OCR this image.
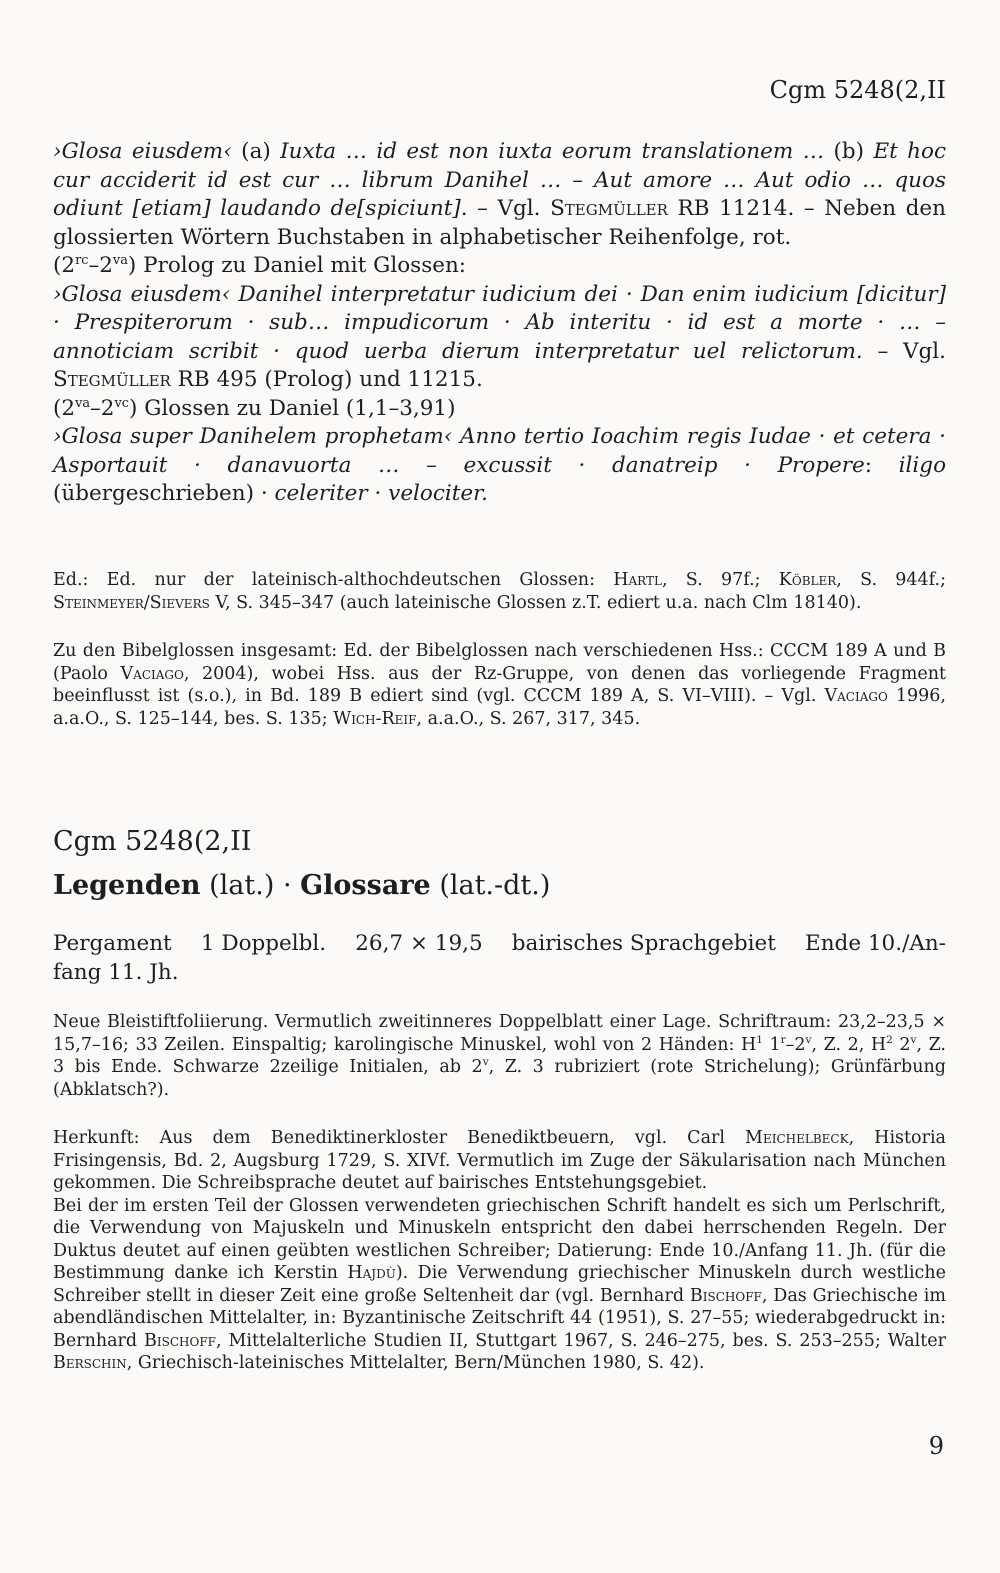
Cgm 5248(2,II

›Glosa eiusdem‹ (a) Iuxta … id est non iuxta eorum translationem … (b) Et hoc cur acciderit id est cur … librum Danihel … – Aut amore … Aut odio … quos odiunt [etiam] laudando de[spiciunt]. – Vgl. Stegmüller RB 11214. – Neben den glossierten Wörtern Buchstaben in alphabetischer Reihenfolge, rot.

$(2^{rc}-2^{va})$ Prolog zu Daniel mit Glossen:

›Glosa eiusdem‹ Danihel interpretatur iudicium dei · Dan enim iudicium [dicitur] · Prespiterorum · sub… impudicorum · Ab interitu · id est a morte · … – annoticiam scribit · quod uerba dierum interpretatur uel relictorum. – Vgl. Stegmüller RB 495 (Prolog) und 11215.

$(2^{va}-2^{vc})$ Glossen zu Daniel (1,1–3,91)

›Glosa super Danihelem prophetam‹ Anno tertio Ioachim regis Iudae · et cetera · Asportauit · danavuorta … – excussit · danatreip · Propere: iligo (übergeschrieben) · celeriter · velociter.

Ed.: Ed. nur der lateinisch-althochdeutschen Glossen: Hartl, S. 97f.; Köbler, S. 944f.; Steinmeyer/Sievers V, S. 345–347 (auch lateinische Glossen z.T. ediert u.a. nach Clm 18140).

Zu den Bibelglossen insgesamt: Ed. der Bibelglossen nach verschiedenen Hss.: CCCM 189 A und B (Paolo Vaciago, 2004), wobei Hss. aus der Rz-Gruppe, von denen das vorliegende Fragment beeinflusst ist (s.o.), in Bd. 189 B ediert sind (vgl. CCCM 189 A, S. VI–VIII). – Vgl. Vaciago 1996, a.a.O., S. 125–144, bes. S. 135; Wich-Reif, a.a.O., S. 267, 317, 345.

Cgm 5248(2,II
Legenden (lat.) · Glossare (lat.-dt.)
Pergament 1 Doppelbl. 26,7 × 19,5 bairisches Sprachgebiet Ende 10./An-
fang 11. Jh.

Neue Bleistiftfoliierung. Vermutlich zweitinneres Doppelblatt einer Lage. Schriftraum: 23,2–23,5 × 15,7–16; 33 Zeilen. Einspaltig; karolingische Minuskel, wohl von 2 Händen: $H^1$ 1$^r$–2$^v$, Z. 2, $H^2$ 2$^v$, Z. 3 bis Ende. Schwarze 2zeilige Initialen, ab 2$^v$, Z. 3 rubriziert (rote Strichelung); Grünfärbung (Abklatsch?).

Herkunft: Aus dem Benediktinerkloster Benediktbeuern, vgl. Carl Meichelbeck, Historia Frisingensis, Bd. 2, Augsburg 1729, S. XIVf. Vermutlich im Zuge der Säkularisation nach München gekommen. Die Schreibsprache deutet auf bairisches Entstehungsgebiet.

Bei der im ersten Teil der Glossen verwendeten griechischen Schrift handelt es sich um Perlschrift, die Verwendung von Majuskeln und Minuskeln entspricht den dabei herrschenden Regeln. Der Duktus deutet auf einen geübten westlichen Schreiber; Datierung: Ende 10./Anfang 11. Jh. (für die Bestimmung danke ich Kerstin Hajdù). Die Verwendung griechischer Minuskeln durch westliche Schreiber stellt in dieser Zeit eine große Seltenheit dar (vgl. Bernhard Bischoff, Das Griechische im abendländischen Mittelalter, in: Byzantinische Zeitschrift 44 (1951), S. 27–55; wiederabgedruckt in: Bernhard Bischoff, Mittelalterliche Studien II, Stuttgart 1967, S. 246–275, bes. S. 253–255; Walter Berschin, Griechisch-lateinisches Mittelalter, Bern/München 1980, S. 42).

9
